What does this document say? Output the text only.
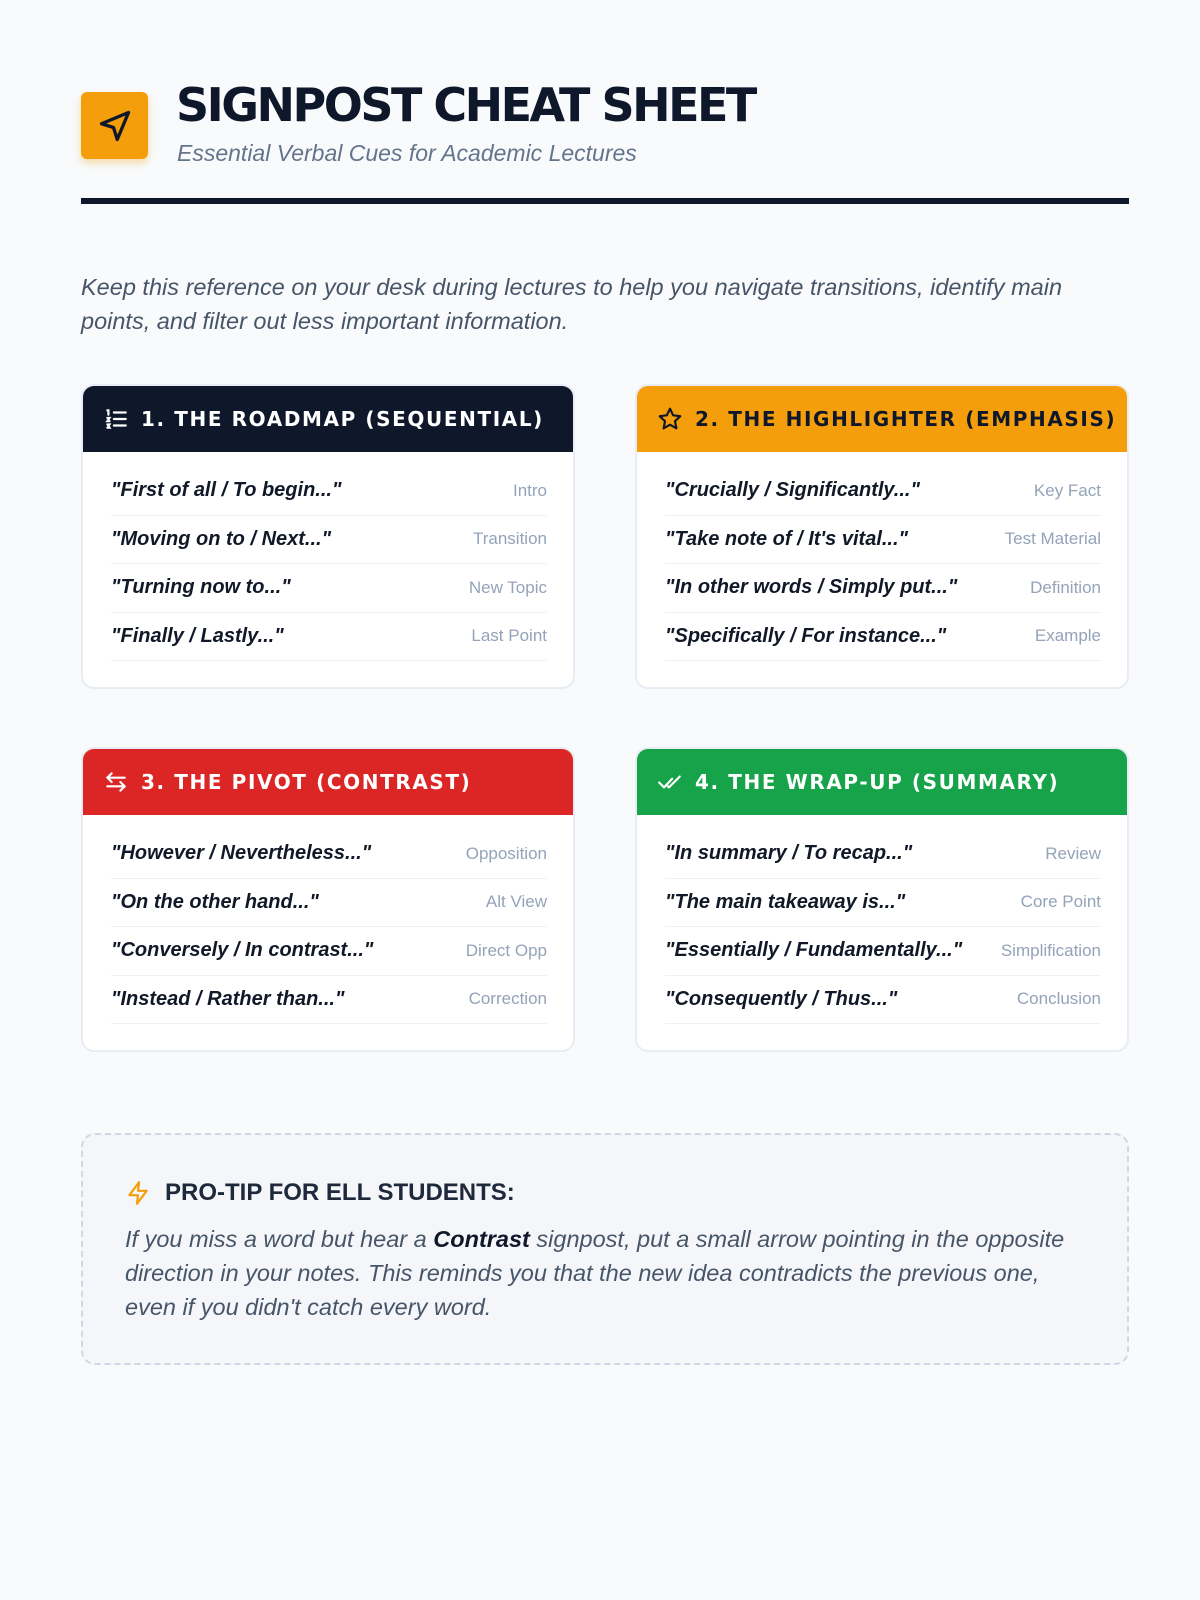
SIGNPOST CHEAT SHEET
Essential Verbal Cues for Academic Lectures
Keep this reference on your desk during lectures to help you navigate transitions, identify main points, and filter out less important information.
1. THE ROADMAP (SEQUENTIAL)
"First of all / To begin..."	Intro
"Moving on to / Next..."	Transition
"Turning now to..."	New Topic
"Finally / Lastly..."	Last Point
2. THE HIGHLIGHTER (EMPHASIS)
"Crucially / Significantly..."	Key Fact
"Take note of / It's vital..."	Test Material
"In other words / Simply put..."	Definition
"Specifically / For instance..."	Example
3. THE PIVOT (CONTRAST)
"However / Nevertheless..."	Opposition
"On the other hand..."	Alt View
"Conversely / In contrast..."	Direct Opp
"Instead / Rather than..."	Correction
4. THE WRAP-UP (SUMMARY)
"In summary / To recap..."	Review
"The main takeaway is..."	Core Point
"Essentially / Fundamentally..." Simplification
"Consequently / Thus..."	Conclusion
PRO-TIP FOR ELL STUDENTS:
If you miss a word but hear a Contrast signpost, put a small arrow pointing in the opposite direction in your notes. This reminds you that the new idea contradicts the previous one, even if you didn't catch every word.
